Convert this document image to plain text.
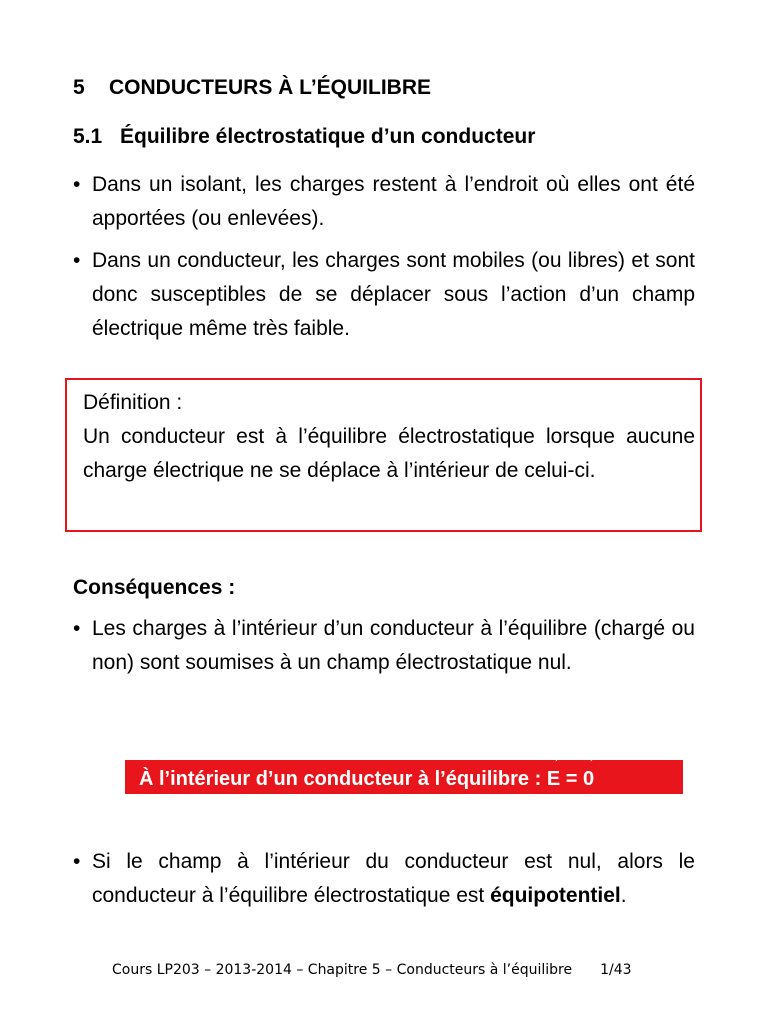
5 CONDUCTEURS À L’ÉQUILIBRE
5.1 Équilibre électrostatique d’un conducteur
• Dans un isolant, les charges restent à l’endroit où elles ont été apportées (ou enlevées).
• Dans un conducteur, les charges sont mobiles (ou libres) et sont donc susceptibles de se déplacer sous l’action d’un champ électrique même très faible.
Définition :
Un conducteur est à l’équilibre électrostatique lorsque aucune charge électrique ne se déplace à l’intérieur de celui-ci.
Conséquences :
• Les charges à l’intérieur d’un conducteur à l’équilibre (chargé ou non) sont soumises à un champ électrostatique nul.
À l’intérieur d’un conducteur à l’équilibre :
→
E =
→
0
• Si le champ à l’intérieur du conducteur est nul, alors le conducteur à l’équilibre électrostatique est équipotentiel.
Cours LP203 – 2013-2014 – Chapitre 5 – Conducteurs à l’équilibre 1/43
